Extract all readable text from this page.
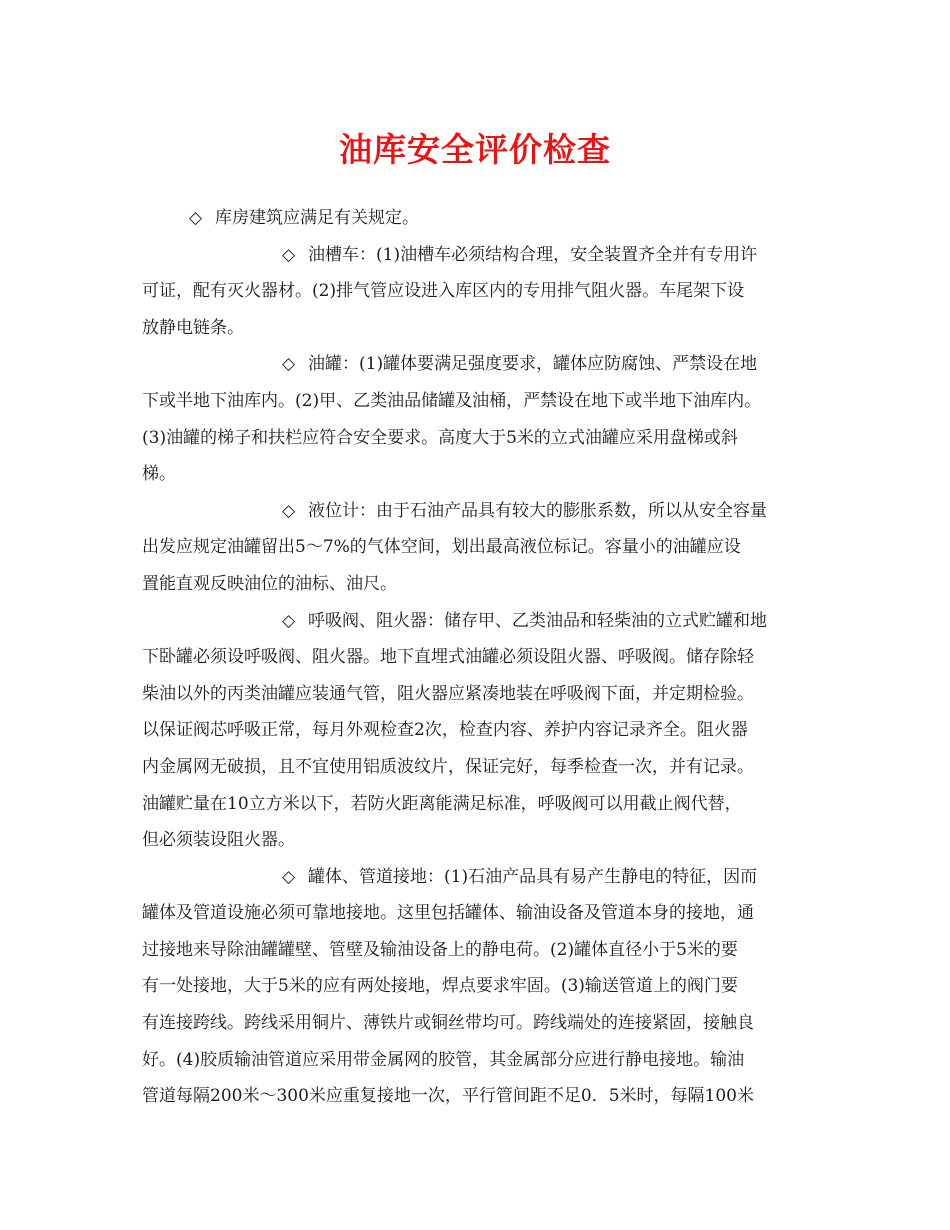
油库安全评价检查
◇ 库房建筑应满足有关规定。
◇ 油槽车：(1)油槽车必须结构合理，安全装置齐全并有专用许
可证，配有灭火器材。(2)排气管应设进入库区内的专用排气阻火器。车尾架下设
放静电链条。
◇ 油罐：(1)罐体要满足强度要求，罐体应防腐蚀、严禁设在地
下或半地下油库内。(2)甲、乙类油品储罐及油桶，严禁设在地下或半地下油库内。
(3)油罐的梯子和扶栏应符合安全要求。高度大于5米的立式油罐应采用盘梯或斜
梯。
◇ 液位计：由于石油产品具有较大的膨胀系数，所以从安全容量
出发应规定油罐留出5～7%的气体空间，划出最高液位标记。容量小的油罐应设
置能直观反映油位的油标、油尺。
◇ 呼吸阀、阻火器：储存甲、乙类油品和轻柴油的立式贮罐和地
下卧罐必须设呼吸阀、阻火器。地下直埋式油罐必须设阻火器、呼吸阀。储存除轻
柴油以外的丙类油罐应装通气管，阻火器应紧凑地装在呼吸阀下面，并定期检验。
以保证阀芯呼吸正常，每月外观检查2次，检查内容、养护内容记录齐全。阻火器
内金属网无破损，且不宜使用铝质波纹片，保证完好，每季检查一次，并有记录。
油罐贮量在10立方米以下，若防火距离能满足标准，呼吸阀可以用截止阀代替，
但必须装设阻火器。
◇ 罐体、管道接地：(1)石油产品具有易产生静电的特征，因而
罐体及管道设施必须可靠地接地。这里包括罐体、输油设备及管道本身的接地，通
过接地来导除油罐罐壁、管壁及输油设备上的静电荷。(2)罐体直径小于5米的要
有一处接地，大于5米的应有两处接地，焊点要求牢固。(3)输送管道上的阀门要
有连接跨线。跨线采用铜片、薄铁片或铜丝带均可。跨线端处的连接紧固，接触良
好。(4)胶质输油管道应采用带金属网的胶管，其金属部分应进行静电接地。输油
管道每隔200米～300米应重复接地一次，平行管间距不足0．5米时，每隔100米
